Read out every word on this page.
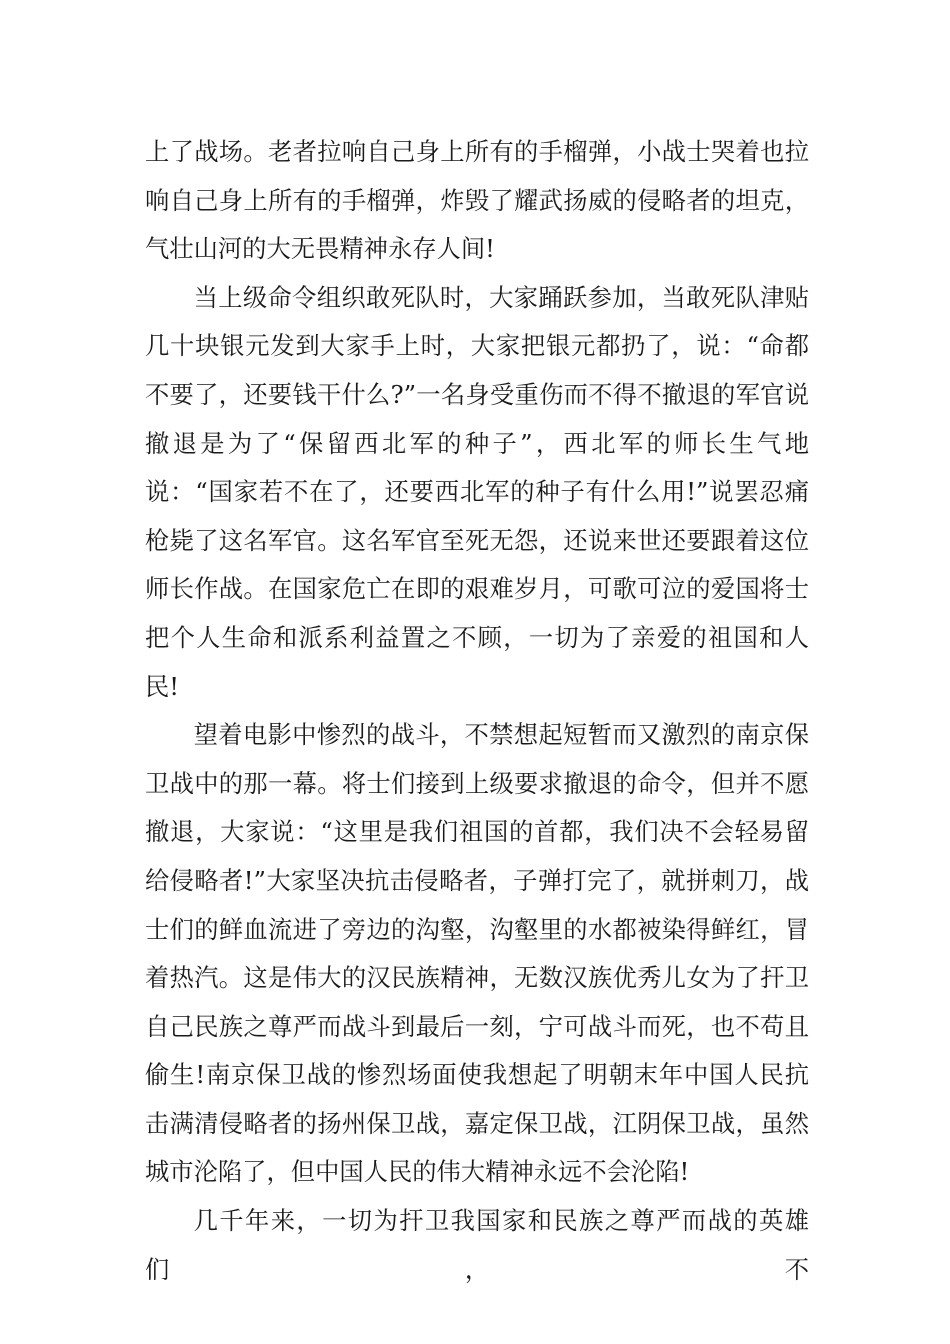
上了战场。老者拉响自己身上所有的手榴弹，小战士哭着也拉响自己身上所有的手榴弹，炸毁了耀武扬威的侵略者的坦克，气壮山河的大无畏精神永存人间!

当上级命令组织敢死队时，大家踊跃参加，当敢死队津贴几十块银元发到大家手上时，大家把银元都扔了，说：“命都不要了，还要钱干什么?”一名身受重伤而不得不撤退的军官说撤退是为了“保留西北军的种子”，西北军的师长生气地说：“国家若不在了，还要西北军的种子有什么用!”说罢忍痛枪毙了这名军官。这名军官至死无怨，还说来世还要跟着这位师长作战。在国家危亡在即的艰难岁月，可歌可泣的爱国将士把个人生命和派系利益置之不顾，一切为了亲爱的祖国和人民!

望着电影中惨烈的战斗，不禁想起短暂而又激烈的南京保卫战中的那一幕。将士们接到上级要求撤退的命令，但并不愿撤退，大家说：“这里是我们祖国的首都，我们决不会轻易留给侵略者!”大家坚决抗击侵略者，子弹打完了，就拼刺刀，战士们的鲜血流进了旁边的沟壑，沟壑里的水都被染得鲜红，冒着热汽。这是伟大的汉民族精神，无数汉族优秀儿女为了扞卫自己民族之尊严而战斗到最后一刻，宁可战斗而死，也不苟且偷生!南京保卫战的惨烈场面使我想起了明朝末年中国人民抗击满清侵略者的扬州保卫战，嘉定保卫战，江阴保卫战，虽然城市沦陷了，但中国人民的伟大精神永远不会沦陷!

几千年来，一切为扞卫我国家和民族之尊严而战的英雄们，不
